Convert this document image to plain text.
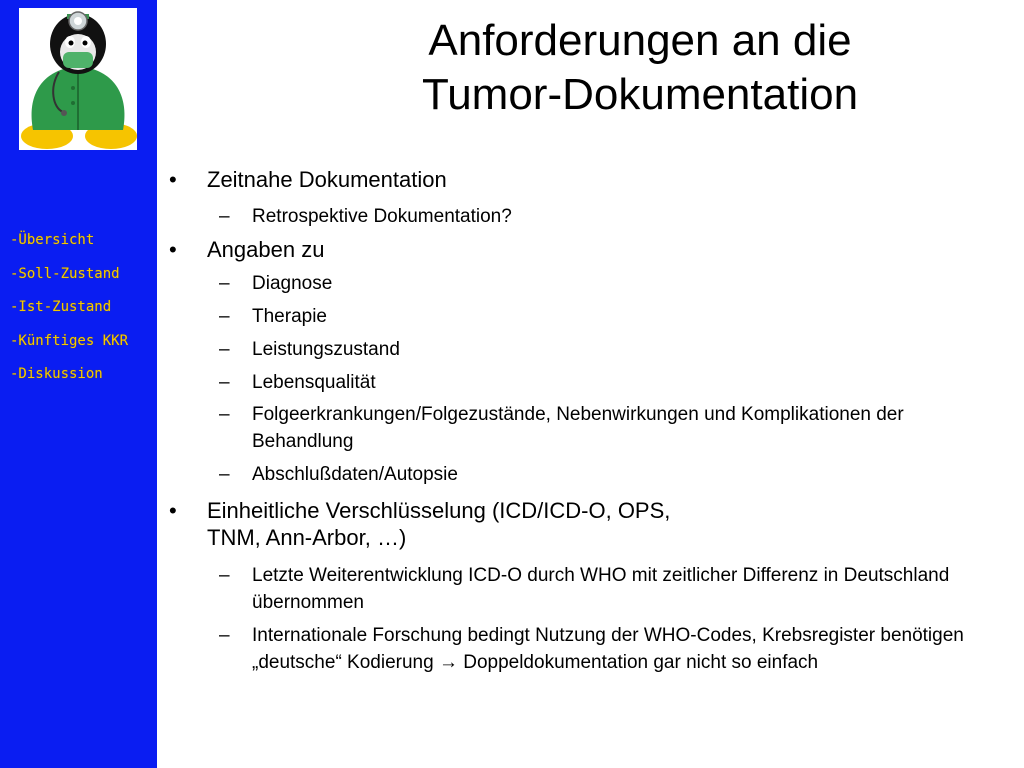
-Übersicht
-Soll-Zustand
-Ist-Zustand
-Künftiges KKR
-Diskussion
Anforderungen an die
Tumor-Dokumentation
• Zeitnahe Dokumentation
– Retrospektive Dokumentation?
• Angaben zu
– Diagnose
– Therapie
– Leistungszustand
– Lebensqualität
– Folgeerkrankungen/Folgezustände, Nebenwirkungen und Komplikationen der Behandlung
– Abschlußdaten/Autopsie
• Einheitliche Verschlüsselung (ICD/ICD-O, OPS, TNM, Ann-Arbor, …)
– Letzte Weiterentwicklung ICD-O durch WHO mit zeitlicher Differenz in Deutschland übernommen
– Internationale Forschung bedingt Nutzung der WHO-Codes, Krebsregister benötigen „deutsche“ Kodierung → Doppeldokumentation gar nicht so einfach
